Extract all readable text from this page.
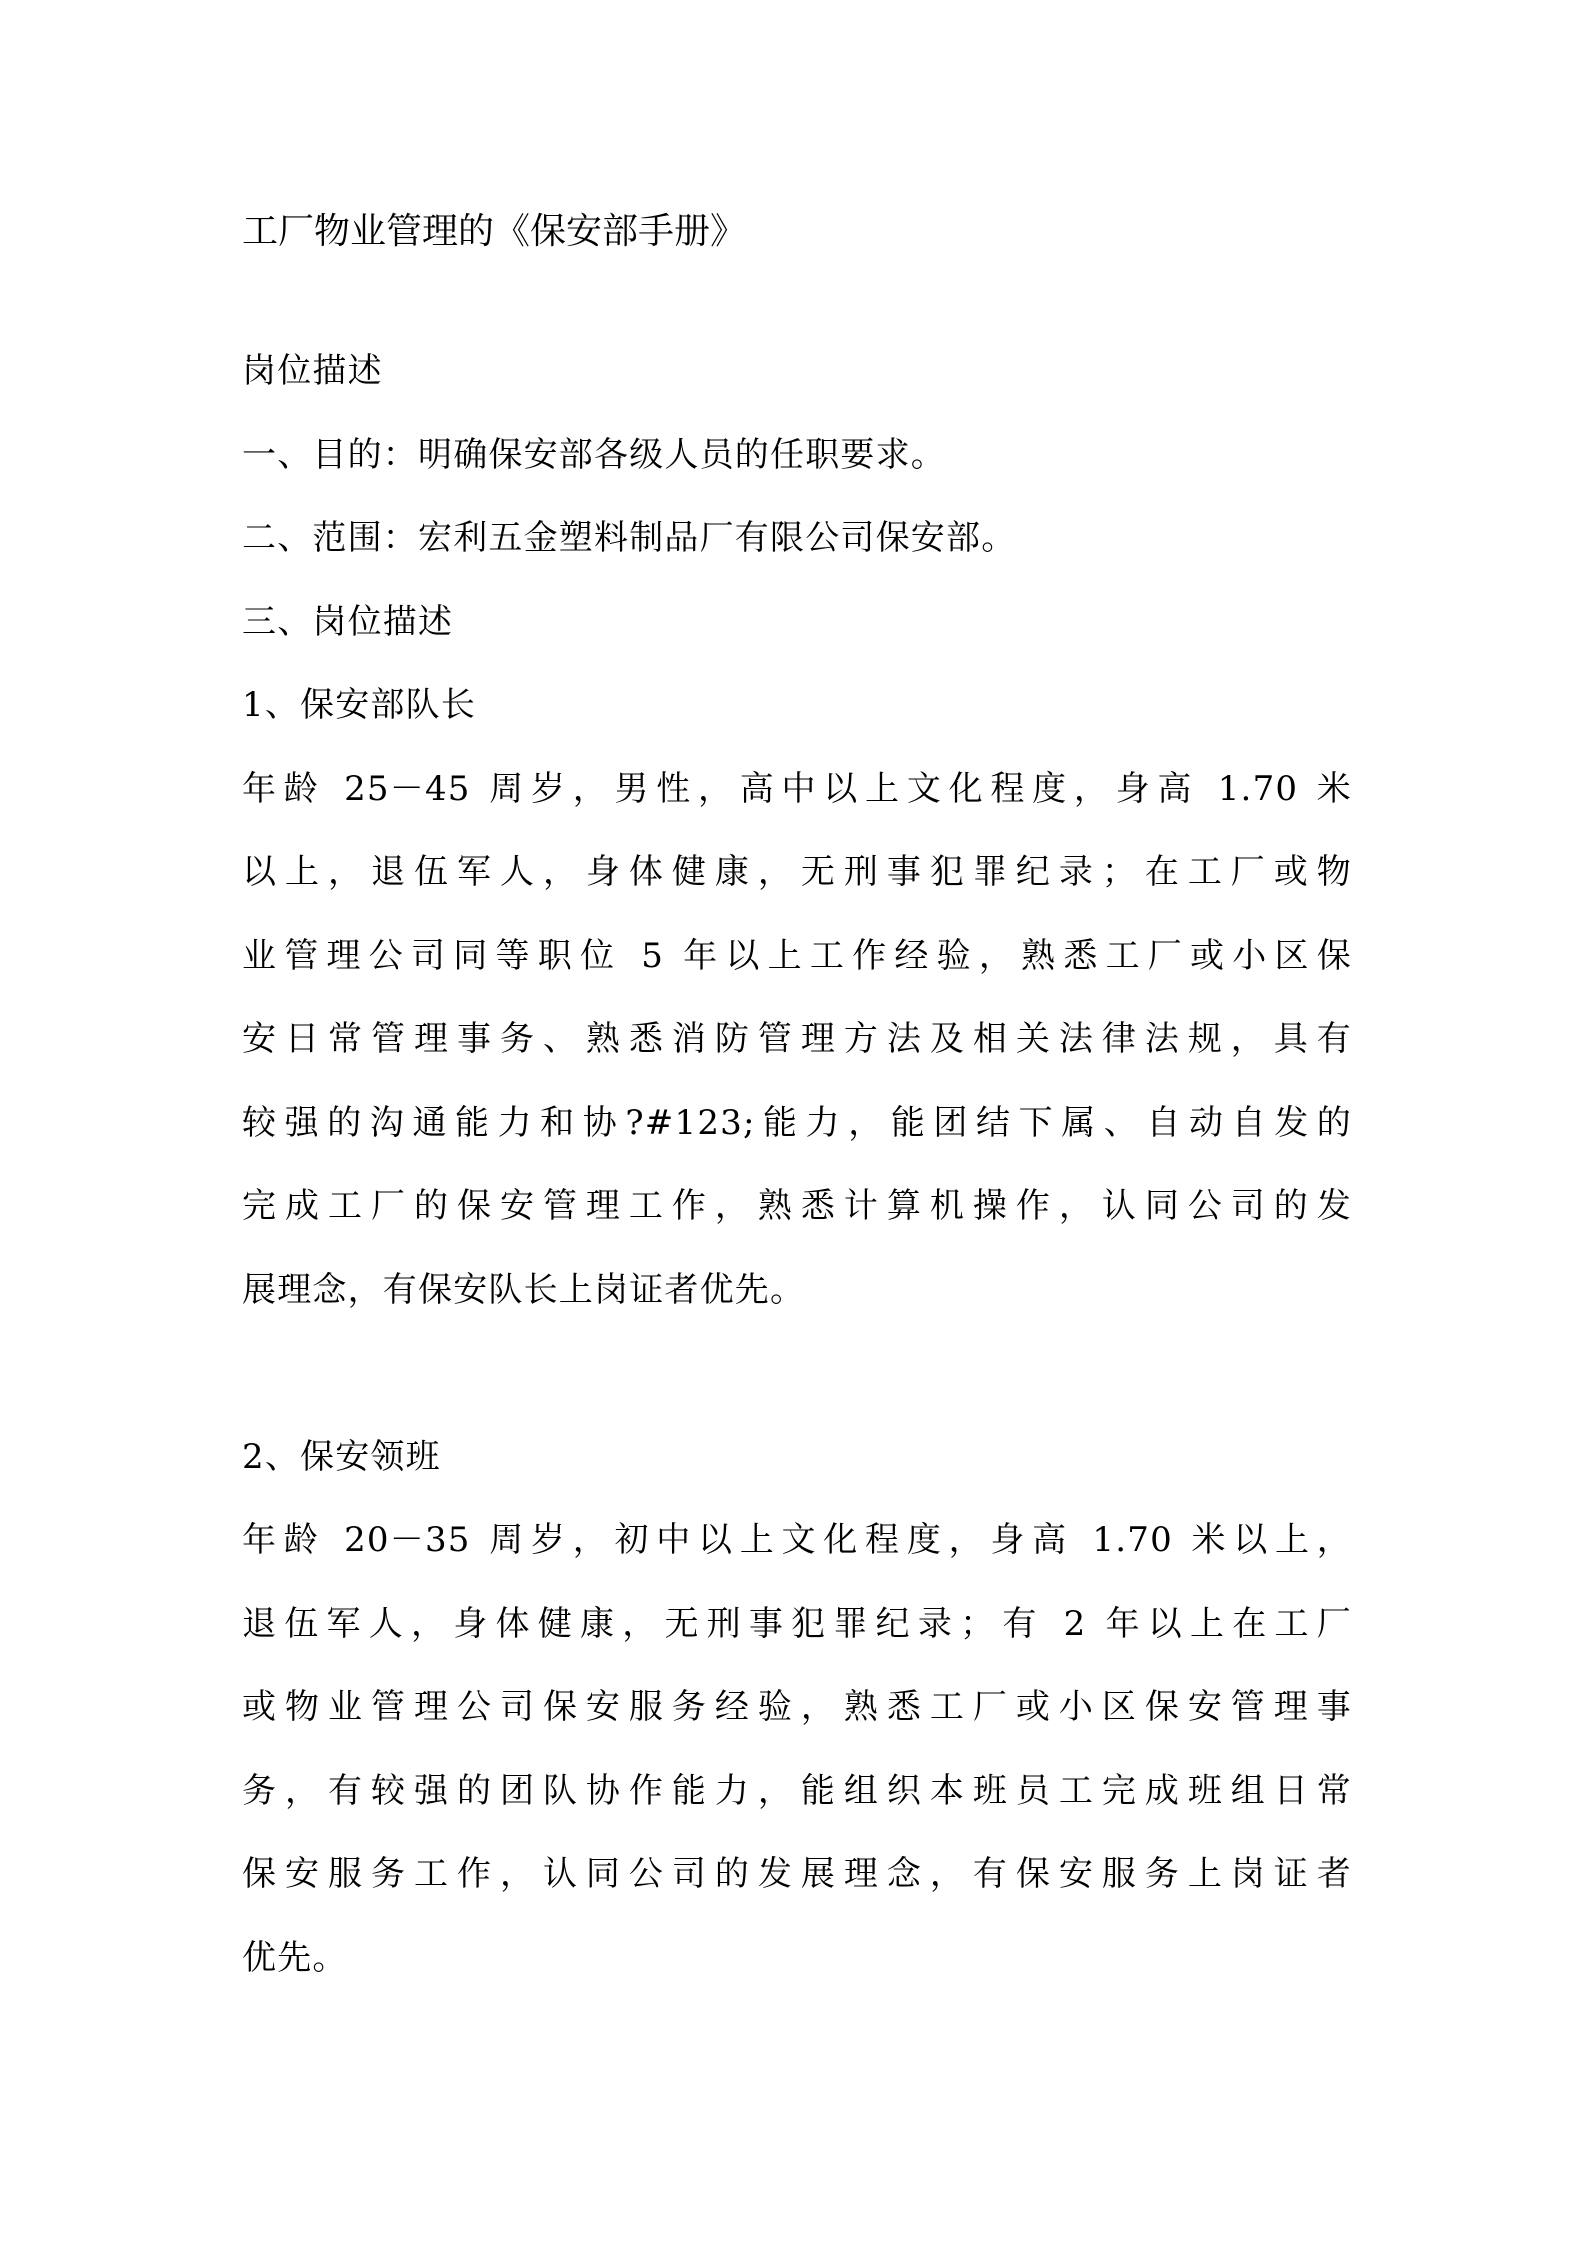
工厂物业管理的《保安部手册》
岗位描述
一、目的：明确保安部各级人员的任职要求。
二、范围：宏利五金塑料制品厂有限公司保安部。
三、岗位描述
1、保安部队长
年龄 25－45 周岁，男性，高中以上文化程度，身高 1.70 米
以上，退伍军人，身体健康，无刑事犯罪纪录；在工厂或物
业管理公司同等职位 5 年以上工作经验，熟悉工厂或小区保
安日常管理事务、熟悉消防管理方法及相关法律法规，具有
较强的沟通能力和协?#123;能力，能团结下属、自动自发的
完成工厂的保安管理工作，熟悉计算机操作，认同公司的发
展理念，有保安队长上岗证者优先。
2、保安领班
年龄 20－35 周岁，初中以上文化程度，身高 1.70 米以上，
退伍军人，身体健康，无刑事犯罪纪录；有 2 年以上在工厂
或物业管理公司保安服务经验，熟悉工厂或小区保安管理事
务，有较强的团队协作能力，能组织本班员工完成班组日常
保安服务工作，认同公司的发展理念，有保安服务上岗证者
优先。
